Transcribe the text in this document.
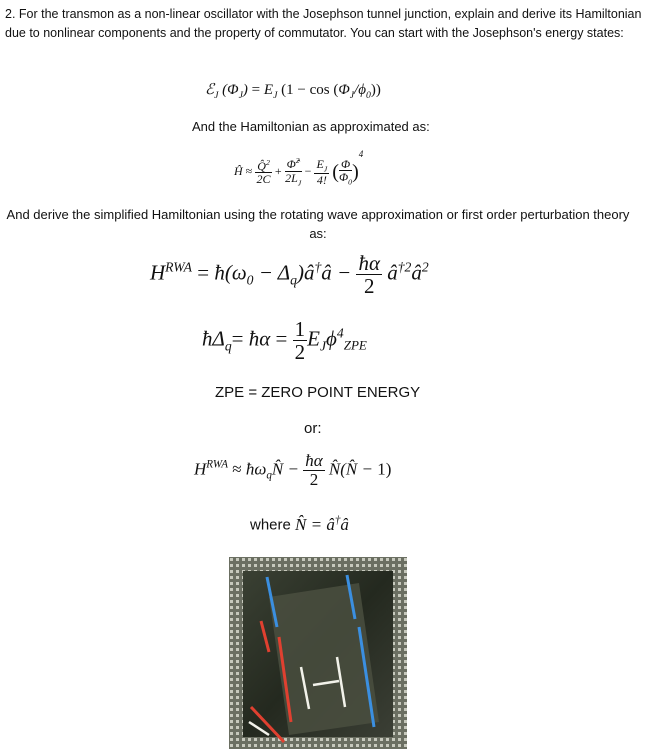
2. For the transmon as a non-linear oscillator with the Josephson tunnel junction, explain and derive its Hamiltonian due to nonlinear components and the property of commutator. You can start with the Josephson's energy states:
ℰ$_J$ $(\Phi_J) = E_J$ $(1 - \cos (\Phi_J/\phi_0))$
And the Hamiltonian as approximated as:
Ĥ ≈ $\frac{Q̂^2}{2C} + \frac{\Phî^2}{2L_J} - \frac{E_J}{4!}$ ( $\frac{\Phi}{\Phi_0} )^4$
And derive the simplified Hamiltonian using the rotating wave approximation or first order perturbation theory as:
$H^{RWA}$ = $ħ(\omega_0$ − $\Delta_q)â^\dagger â - \frac{ħ\alpha}{2}$ $â^{\dagger 2}â^2$
$ħ\Delta_q=$ ħα = $\frac{1}{2} E_J\phi^4ZPE$
ZPE = ZERO POINT ENERGY
or:
$H^{RWA}$ ≈ $ħ\omega_qN̂ - \frac{ħ\alpha}{2}$ N̂(N̂ − 1)
where N̂ = â†â
